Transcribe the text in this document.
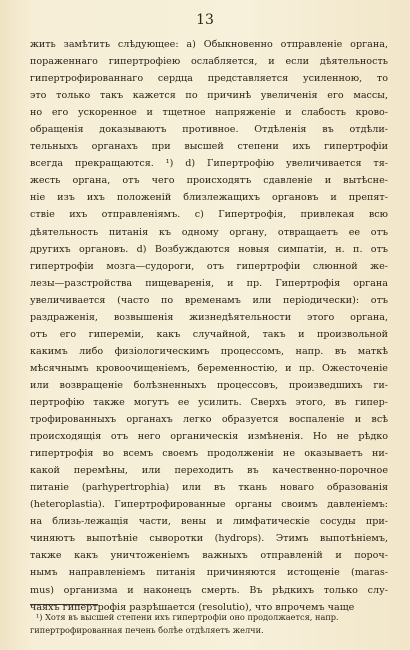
13
жить замѣтить слѣдующее: a) Обыкновенно отправленіе органа,
пораженнаго гипертрофіею ослабляется, и если дѣятельность
гипертрофированнаго сердца представляется усиленною, то
это только такъ кажется по причинѣ увеличенія его массы,
но его ускоренное и тщетное напряженіе и слабость крово-
обращенія доказываютъ противное. Отдѣленія въ отдѣли-
тельныхъ органахъ при высшей степени ихъ гипертрофіи
всегда прекращаются. ¹) d) Гипертрофію увеличивается тя-
жесть органа, отъ чего происходятъ сдавленіе и вытѣсне-
ніе изъ ихъ положеній близлежащихъ органовъ и препят-
ствіе ихъ отправленіямъ. c) Гипертрофія, привлекая всю
дѣятельность питанія къ одному органу, отвращаетъ ее отъ
другихъ органовъ. d) Возбуждаются новыя симпатіи, н. п. отъ
гипертрофіи мозга—судороги, отъ гипертрофіи слюнной же-
лезы—разстройства пищеваренія, и пр. Гипертрофія органа
увеличивается (часто по временамъ или періодически): отъ
раздраженія, возвышенія жизнедѣятельности этого органа,
отъ его гипереміи, какъ случайной, такъ и произвольной
какимъ либо физіологическимъ процессомъ, напр. въ маткѣ
мѣсячнымъ кровоочищеніемъ, беременностію, и пр. Ожесточеніе
или возвращеніе болѣзненныхъ процессовъ, произведшихъ ги-
пертрофію также могутъ ее усилить. Сверхъ этого, въ гипер-
трофированныхъ органахъ легко образуется воспаленіе и всѣ
происходящія отъ него органическія измѣненія. Но не рѣдко
гипертрофія во всемъ своемъ продолженіи не оказываетъ ни-
какой перемѣны, или переходитъ въ качественно-порочное
питаніе (parhypertrophia) или въ ткань новаго образованія
(heteroplastia). Гипертрофированные органы своимъ давленіемъ:
на близь-лежащія части, вены и лимфатическіе сосуды при-
чиняютъ выпотѣніе сыворотки (hydrops). Этимъ выпотѣніемъ,
также какъ уничтоженіемъ важныхъ отправленій и пороч-
нымъ направленіемъ питанія причиняются истощеніе (maras-
mus) организма и наконецъ смерть. Въ рѣдкихъ только слу-
чаяхъ гипертрофія разрѣшается (resolutio), что впрочемъ чаще
¹) Хотя въ высшей степени ихъ гипертрофіи оно продолжается, напр.
гипертрофированная печень болѣе отдѣляетъ желчи.
